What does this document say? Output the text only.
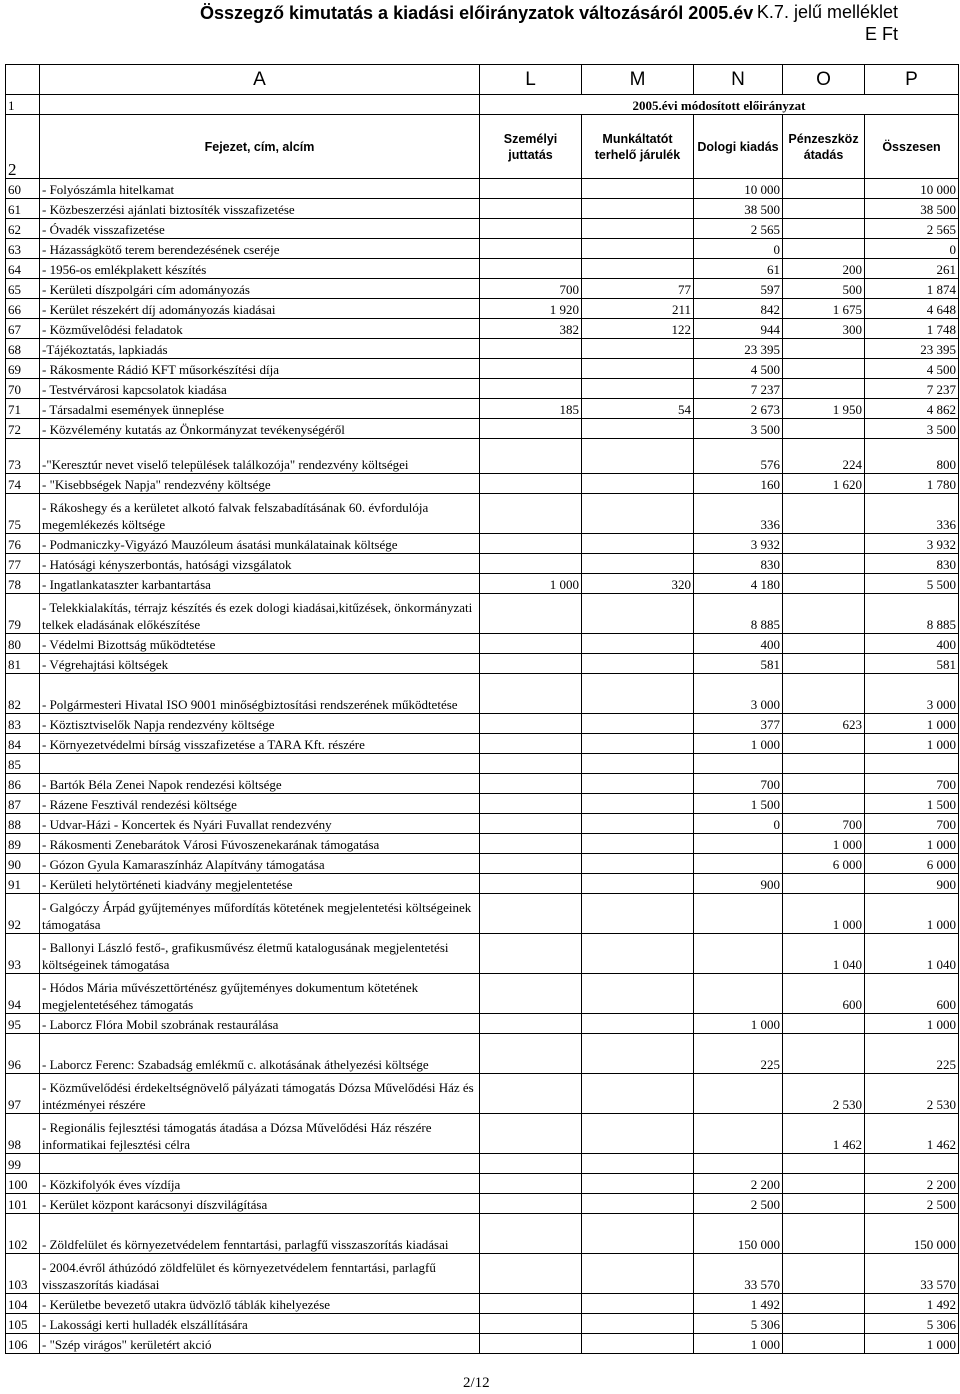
Összegző kimutatás a kiadási előirányzatok változásáról 2005.év K.7. jelű melléklet
E Ft
	A	L	M	N	O	P
1		2005.évi módosított előirányzat				
2	Fejezet, cím, alcím	Személyi juttatás	Munkáltatót terhelő járulék	Dologi kiadás	Pénzeszköz átadás	Összesen
60	- Folyószámla hitelkamat			10 000		10 000
61	- Közbeszerzési ajánlati biztosíték visszafizetése			38 500		38 500
62	- Óvadék visszafizetése			2 565		2 565
63	- Házasságkötő terem berendezésének cseréje			0		0
64	- 1956-os emlékplakett készítés			61	200	261
65	- Kerületi díszpolgári cím adományozás	700	77	597	500	1 874
66	- Kerület részekért díj adományozás kiadásai	1 920	211	842	1 675	4 648
67	- Közművelôdési feladatok	382	122	944	300	1 748
68	-Tájékoztatás, lapkiadás			23 395		23 395
69	- Rákosmente Rádió KFT műsorkészítési díja			4 500		4 500
70	- Testvérvárosi kapcsolatok kiadása			7 237		7 237
71	- Társadalmi események ünneplése	185	54	2 673	1 950	4 862
72	- Közvélemény kutatás az Önkormányzat tevékenységéről			3 500		3 500
73	-"Keresztúr nevet viselő települések találkozója" rendezvény költségei			576	224	800
74	- "Kisebbségek Napja" rendezvény költsége			160	1 620	1 780
75	- Rákoshegy és a kerületet alkotó falvak felszabadításának 60. évfordulója megemlékezés költsége			336		336
76	- Podmaniczky-Vigyázó Mauzóleum ásatási munkálatainak költsége			3 932		3 932
77	- Hatósági kényszerbontás, hatósági vizsgálatok			830		830
78	- Ingatlankataszter karbantartása	1 000	320	4 180		5 500
79	- Telekkialakítás, térrajz készítés és ezek dologi kiadásai,kitűzések, önkormányzati telkek eladásának előkészítése			8 885		8 885
80	- Védelmi Bizottság működtetése			400		400
81	- Végrehajtási költségek			581		581
82	- Polgármesteri Hivatal ISO 9001 minőségbiztosítási rendszerének működtetése			3 000		3 000
83	- Köztisztviselők Napja rendezvény költsége			377	623	1 000
84	- Környezetvédelmi bírság visszafizetése a TARA Kft. részére			1 000		1 000
85						
86	- Bartók Béla Zenei Napok rendezési költsége			700		700
87	- Rázene Fesztivál rendezési költsége			1 500		1 500
88	- Udvar-Házi - Koncertek és Nyári Fuvallat rendezvény			0	700	700
89	- Rákosmenti Zenebarátok Városi Fúvoszenekarának támogatása				1 000	1 000
90	- Gózon Gyula Kamaraszínház Alapítvány támogatása				6 000	6 000
91	- Kerületi helytörténeti kiadvány megjelentetése			900		900
92	- Galgóczy Árpád gyűjteményes műfordítás kötetének megjelentetési költségeinek támogatása				1 000	1 000
93	- Ballonyi László festő-, grafikusművész életmű katalogusának megjelentetési költségeinek támogatása				1 040	1 040
94	- Hódos Mária művészettörténész gyűjteményes dokumentum kötetének megjelentetéséhez támogatás				600	600
95	- Laborcz Flóra Mobil szobrának restaurálása			1 000		1 000
96	- Laborcz Ferenc: Szabadság emlékmű c. alkotásának áthelyezési költsége			225		225
97	- Közművelődési érdekeltségnövelő pályázati támogatás Dózsa Művelődési Ház és intézményei részére				2 530	2 530
98	- Regionális fejlesztési támogatás átadása a Dózsa Művelődési Ház részére informatikai fejlesztési célra				1 462	1 462
99						
100	- Közkifolyók éves vízdíja			2 200		2 200
101	- Kerület központ karácsonyi díszvilágítása			2 500		2 500
102	- Zöldfelület és környezetvédelem fenntartási, parlagfű visszaszorítás kiadásai			150 000		150 000
103	- 2004.évről áthúzódó zöldfelület és környezetvédelem fenntartási, parlagfű visszaszorítás kiadásai			33 570		33 570
104	- Kerületbe bevezető utakra üdvözlő táblák kihelyezése			1 492		1 492
105	- Lakossági kerti hulladék elszállítására			5 306		5 306
106	- "Szép virágos" kerületért akció			1 000		1 000
2/12
